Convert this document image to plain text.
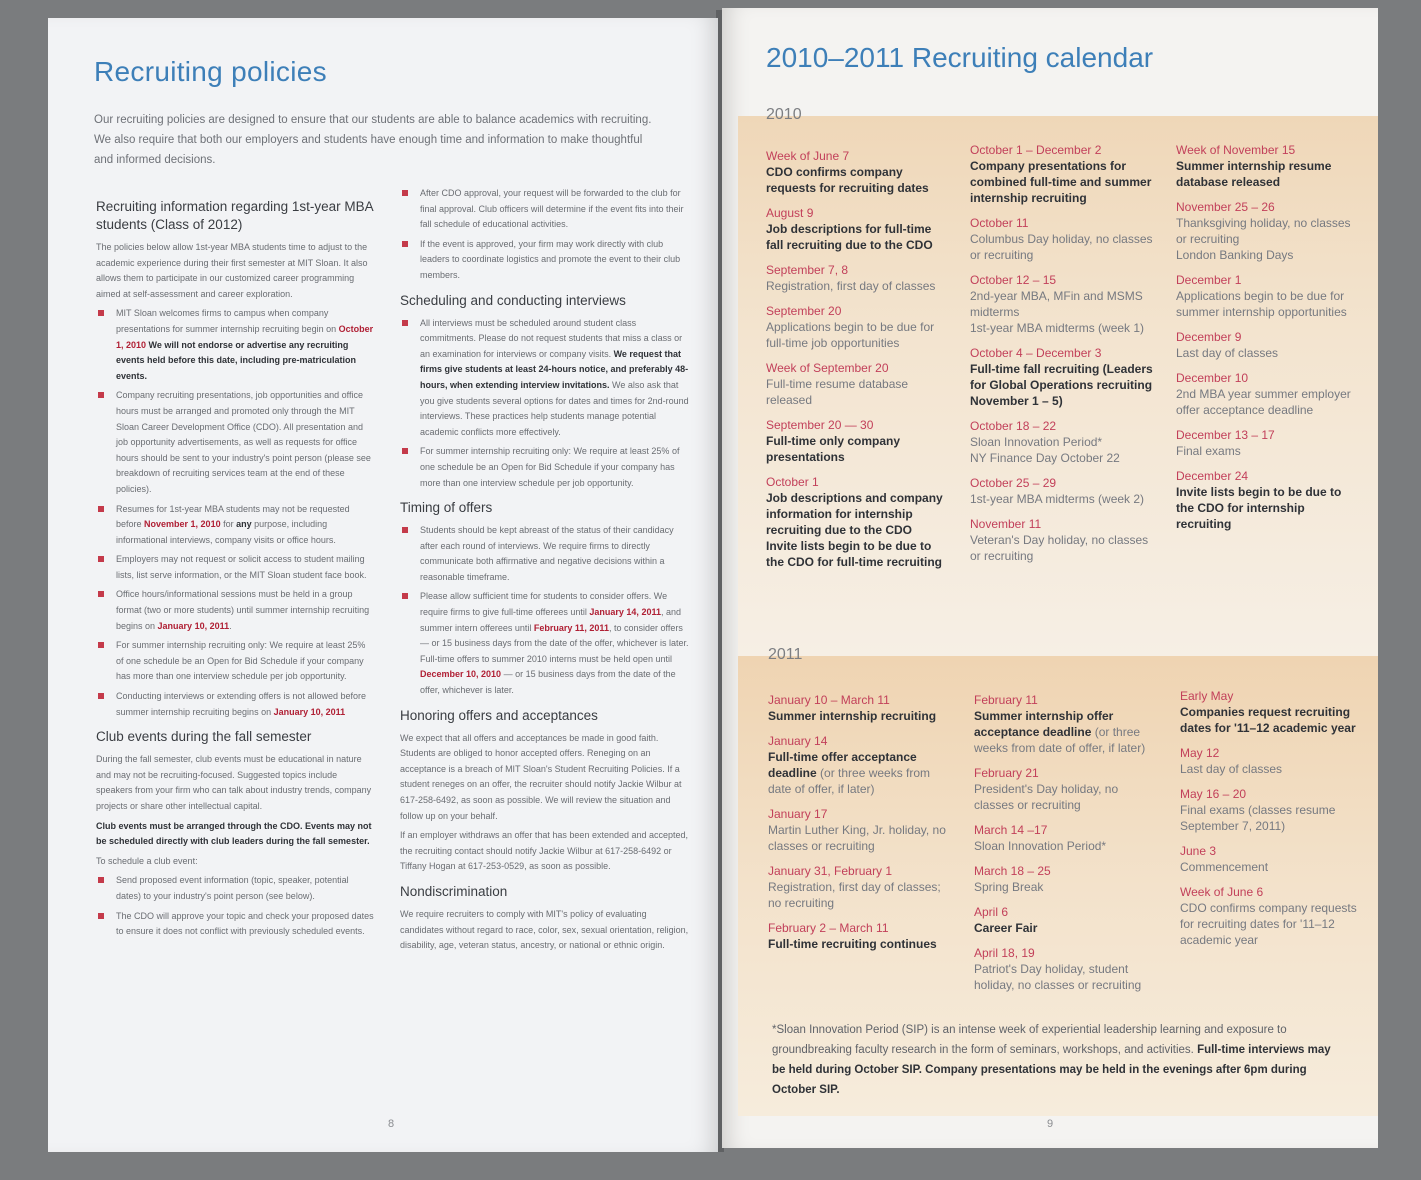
Recruiting policies
Our recruiting policies are designed to ensure that our students are able to balance academics with recruiting. We also require that both our employers and students have enough time and information to make thoughtful and informed decisions.
Recruiting information regarding 1st-year MBA students (Class of 2012)

The policies below allow 1st-year MBA students time to adjust to the academic experience during their first semester at MIT Sloan. It also allows them to participate in our customized career programming aimed at self-assessment and career exploration.

MIT Sloan welcomes firms to campus when company presentations for summer internship recruiting begin on October 1, 2010 We will not endorse or advertise any recruiting events held before this date, including pre-matriculation events.
Company recruiting presentations, job opportunities and office hours must be arranged and promoted only through the MIT Sloan Career Development Office (CDO). All presentation and job opportunity advertisements, as well as requests for office hours should be sent to your industry's point person (please see breakdown of recruiting services team at the end of these policies).
Resumes for 1st-year MBA students may not be requested before November 1, 2010 for any purpose, including informational interviews, company visits or office hours.
Employers may not request or solicit access to student mailing lists, list serve information, or the MIT Sloan student face book.
Office hours/informational sessions must be held in a group format (two or more students) until summer internship recruiting begins on January 10, 2011.
For summer internship recruiting only: We require at least 25% of one schedule be an Open for Bid Schedule if your company has more than one interview schedule per job opportunity.
Conducting interviews or extending offers is not allowed before summer internship recruiting begins on January 10, 2011
Club events during the fall semester

During the fall semester, club events must be educational in nature and may not be recruiting-focused. Suggested topics include speakers from your firm who can talk about industry trends, company projects or share other intellectual capital.

Club events must be arranged through the CDO. Events may not be scheduled directly with club leaders during the fall semester.

To schedule a club event:

Send proposed event information (topic, speaker, potential dates) to your industry's point person (see below).
The CDO will approve your topic and check your proposed dates to ensure it does not conflict with previously scheduled events.
After CDO approval, your request will be forwarded to the club for final approval. Club officers will determine if the event fits into their fall schedule of educational activities.
If the event is approved, your firm may work directly with club leaders to coordinate logistics and promote the event to their club members.
Scheduling and conducting interviews
All interviews must be scheduled around student class commitments. Please do not request students that miss a class or an examination for interviews or company visits. We request that firms give students at least 24-hours notice, and preferably 48-hours, when extending interview invitations. We also ask that you give students several options for dates and times for 2nd-round interviews. These practices help students manage potential academic conflicts more effectively.
For summer internship recruiting only: We require at least 25% of one schedule be an Open for Bid Schedule if your company has more than one interview schedule per job opportunity.
Timing of offers
Students should be kept abreast of the status of their candidacy after each round of interviews. We require firms to directly communicate both affirmative and negative decisions within a reasonable timeframe.
Please allow sufficient time for students to consider offers. We require firms to give full-time offerees until January 14, 2011, and summer intern offerees until February 11, 2011, to consider offers — or 15 business days from the date of the offer, whichever is later. Full-time offers to summer 2010 interns must be held open until December 10, 2010 — or 15 business days from the date of the offer, whichever is later.
Honoring offers and acceptances

We expect that all offers and acceptances be made in good faith. Students are obliged to honor accepted offers. Reneging on an acceptance is a breach of MIT Sloan's Student Recruiting Policies. If a student reneges on an offer, the recruiter should notify Jackie Wilbur at 617-258-6492, as soon as possible. We will review the situation and follow up on your behalf.

If an employer withdraws an offer that has been extended and accepted, the recruiting contact should notify Jackie Wilbur at 617-258-6492 or Tiffany Hogan at 617-253-0529, as soon as possible.

Nondiscrimination

We require recruiters to comply with MIT's policy of evaluating candidates without regard to race, color, sex, sexual orientation, religion, disability, age, veteran status, ancestry, or national or ethnic origin.

8
2010–2011 Recruiting calendar
2010
2011
Week of June 7
CDO confirms company requests for recruiting dates
August 9
Job descriptions for full-time fall recruiting due to the CDO
September 7, 8
Registration, first day of classes
September 20
Applications begin to be due for full-time job opportunities
Week of September 20
Full-time resume database released
September 20 — 30
Full-time only company presentations
October 1
Job descriptions and company information for internship recruiting due to the CDO
Invite lists begin to be due to the CDO for full-time recruiting
October 1 – December 2
Company presentations for combined full-time and summer internship recruiting
October 11
Columbus Day holiday, no classes or recruiting
October 12 – 15
2nd-year MBA, MFin and MSMS midterms
1st-year MBA midterms (week 1)
October 4 – December 3
Full-time fall recruiting (Leaders for Global Operations recruiting November 1 – 5)
October 18 – 22
Sloan Innovation Period*
NY Finance Day October 22
October 25 – 29
1st-year MBA midterms (week 2)
November 11
Veteran's Day holiday, no classes or recruiting
Week of November 15
Summer internship resume database released
November 25 – 26
Thanksgiving holiday, no classes or recruiting
London Banking Days
December 1
Applications begin to be due for summer internship opportunities
December 9
Last day of classes
December 10
2nd MBA year summer employer offer acceptance deadline
December 13 – 17
Final exams
December 24
Invite lists begin to be due to the CDO for internship recruiting
January 10 – March 11
Summer internship recruiting
January 14
Full-time offer acceptance deadline (or three weeks from date of offer, if later)
January 17
Martin Luther King, Jr. holiday, no classes or recruiting
January 31, February 1
Registration, first day of classes; no recruiting
February 2 – March 11
Full-time recruiting continues
February 11
Summer internship offer acceptance deadline (or three weeks from date of offer, if later)
February 21
President's Day holiday, no classes or recruiting
March 14 –17
Sloan Innovation Period*
March 18 – 25
Spring Break
April 6
Career Fair
April 18, 19
Patriot's Day holiday, student holiday, no classes or recruiting
Early May
Companies request recruiting dates for '11–12 academic year
May 12
Last day of classes
May 16 – 20
Final exams (classes resume September 7, 2011)
June 3
Commencement
Week of June 6
CDO confirms company requests for recruiting dates for '11–12 academic year
*Sloan Innovation Period (SIP) is an intense week of experiential leadership learning and exposure to groundbreaking faculty research in the form of seminars, workshops, and activities. Full-time interviews may be held during October SIP. Company presentations may be held in the evenings after 6pm during October SIP.
9
